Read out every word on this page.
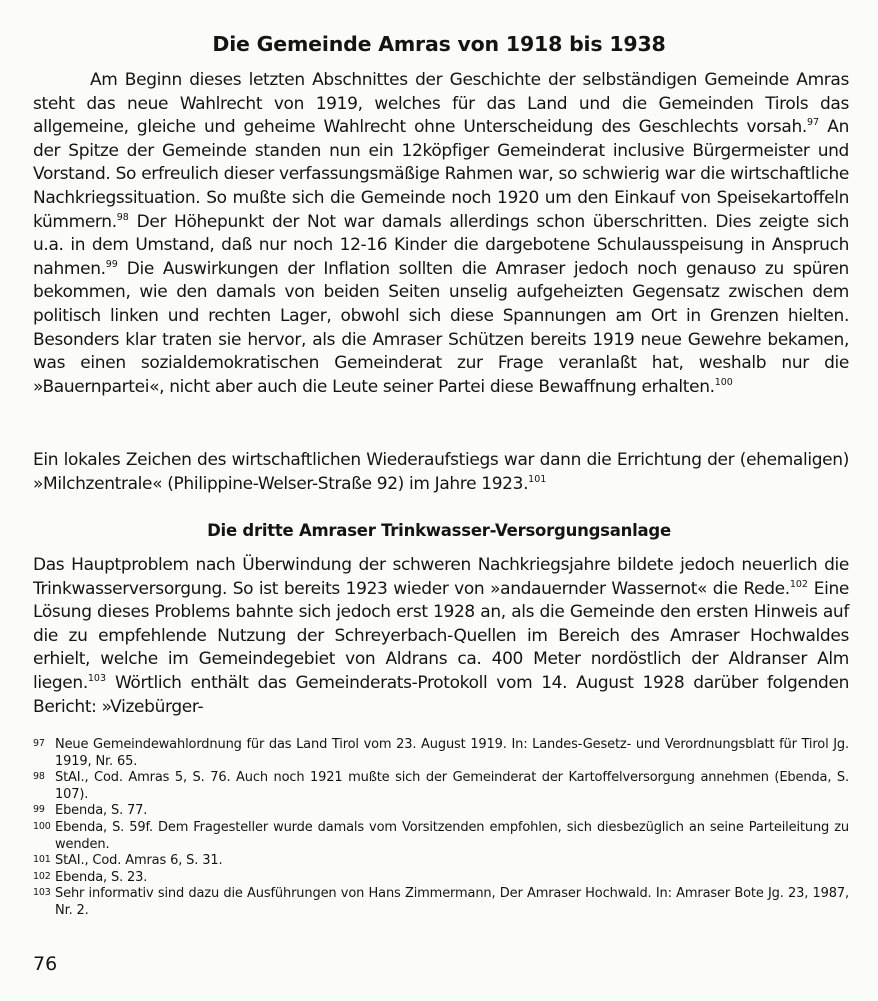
Die Gemeinde Amras von 1918 bis 1938

Am Beginn dieses letzten Abschnittes der Geschichte der selbständigen Gemeinde Amras steht das neue Wahlrecht von 1919, welches für das Land und die Gemeinden Tirols das allgemeine, gleiche und geheime Wahlrecht ohne Unterscheidung des Geschlechts vorsah.$^{97}$ An der Spitze der Gemeinde standen nun ein 12köpfiger Gemeinderat inclusive Bürgermeister und Vorstand. So erfreulich dieser verfassungsmäßige Rahmen war, so schwierig war die wirtschaftliche Nachkriegssituation. So mußte sich die Gemeinde noch 1920 um den Einkauf von Speisekartoffeln kümmern.$^{98}$ Der Höhepunkt der Not war damals allerdings schon überschritten. Dies zeigte sich u.a. in dem Umstand, daß nur noch 12-16 Kinder die dargebotene Schulausspeisung in Anspruch nahmen.$^{99}$ Die Auswirkungen der Inflation sollten die Amraser jedoch noch genauso zu spüren bekommen, wie den damals von beiden Seiten unselig aufgeheizten Gegensatz zwischen dem politisch linken und rechten Lager, obwohl sich diese Spannungen am Ort in Grenzen hielten. Besonders klar traten sie hervor, als die Amraser Schützen bereits 1919 neue Gewehre bekamen, was einen sozialdemokratischen Gemeinderat zur Frage veranlaßt hat, weshalb nur die »Bauernpartei«, nicht aber auch die Leute seiner Partei diese Bewaffnung erhalten.$^{100}$

Ein lokales Zeichen des wirtschaftlichen Wiederaufstiegs war dann die Errichtung der (ehemaligen) »Milchzentrale« (Philippine-Welser-Straße 92) im Jahre 1923.$^{101}$

Die dritte Amraser Trinkwasser-Versorgungsanlage

Das Hauptproblem nach Überwindung der schweren Nachkriegsjahre bildete jedoch neuerlich die Trinkwasserversorgung. So ist bereits 1923 wieder von »andauernder Wassernot« die Rede.$^{102}$ Eine Lösung dieses Problems bahnte sich jedoch erst 1928 an, als die Gemeinde den ersten Hinweis auf die zu empfehlende Nutzung der Schreyerbach-Quellen im Bereich des Amraser Hochwaldes erhielt, welche im Gemeindegebiet von Aldrans ca. 400 Meter nordöstlich der Aldranser Alm liegen.$^{103}$ Wörtlich enthält das Gemeinderats-Protokoll vom 14. August 1928 darüber folgenden Bericht: »Vizebürger-

97 Neue Gemeindewahlordnung für das Land Tirol vom 23. August 1919. In: Landes-Gesetz- und Verordnungsblatt für Tirol Jg. 1919, Nr. 65.
98 StAI., Cod. Amras 5, S. 76. Auch noch 1921 mußte sich der Gemeinderat der Kartoffelversorgung annehmen (Ebenda, S. 107).
99 Ebenda, S. 77.
100 Ebenda, S. 59f. Dem Fragesteller wurde damals vom Vorsitzenden empfohlen, sich diesbezüglich an seine Parteileitung zu wenden.
101 StAI., Cod. Amras 6, S. 31.
102 Ebenda, S. 23.
103 Sehr informativ sind dazu die Ausführungen von Hans Zimmermann, Der Amraser Hochwald. In: Amraser Bote Jg. 23, 1987, Nr. 2.
76
